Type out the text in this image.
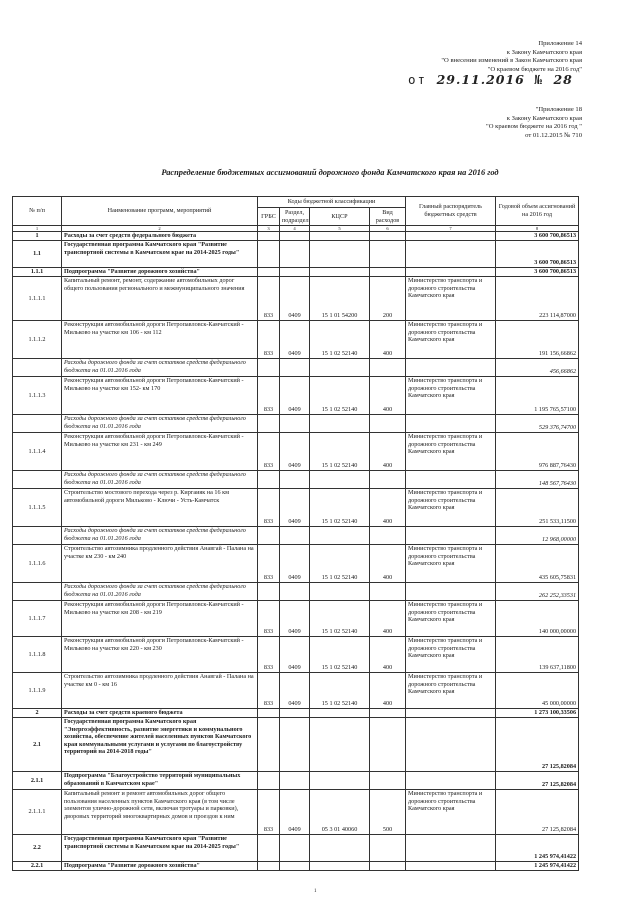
Приложение 14
к Закону Камчатского края
"О внесении изменений в Закон Камчатского края
"О краевом бюджете на 2016 год"
от 29.11.2016 № 28
"Приложение 18
к Закону Камчатского края
"О краевом бюджете на 2016 год "
от 01.12.2015 № 710
Распределение бюджетных ассигнований дорожного фонда Камчатского края на 2016 год
№ п/п	Наименование программ, мероприятий	Коды бюджетной классификации				Главный распорядитель бюджетных средств	Годовой объем ассигнований на 2016 год
		ГРБС	Раздел, подраздел	КЦСР	Вид расходов		
1	2	3	4	5	6	7	8
1	Расходы за счет средств федерального бюджета						3 600 700,86513
1.1	Государственная программа Камчатского края "Развитие транспортной системы в Камчатском крае на 2014-2025 годы"						3 600 700,86513
1.1.1	Подпрограмма "Развитие дорожного хозяйства"						3 600 700,86513
1.1.1.1	Капитальный ремонт, ремонт, содержание автомобильных дорог общего пользования регионального и межмуниципального значения	833	0409	15 1 01 54200	200	Министерство транспорта и дорожного строительства Камчатского края	223 114,87000
1.1.1.2	Реконструкция автомобильной дороги Петропавловск-Камчатский - Мильково на участке км 106 - км 112	833	0409	15 1 02 52140	400	Министерство транспорта и дорожного строительства Камчатского края	191 156,66862
	Расходы дорожного фонда за счет остатков средств федерального бюджета на 01.01.2016 года						456,66862
1.1.1.3	Реконструкция автомобильной дороги Петропавловск-Камчатский - Мильково на участке км 152- км 170	833	0409	15 1 02 52140	400	Министерство транспорта и дорожного строительства Камчатского края	1 195 765,57100
	Расходы дорожного фонда за счет остатков средств федерального бюджета на 01.01.2016 года						529 376,74700
1.1.1.4	Реконструкция автомобильной дороги Петропавловск-Камчатский - Мильково на участке км 231 - км 249	833	0409	15 1 02 52140	400	Министерство транспорта и дорожного строительства Камчатского края	976 887,76430
	Расходы дорожного фонда за счет остатков средств федерального бюджета на 01.01.2016 года						148 567,76430
1.1.1.5	Строительство мостового перехода через р. Киргаияк на 16 км автомобильной дороги Мильково - Ключи - Усть-Камчатск	833	0409	15 1 02 52140	400	Министерство транспорта и дорожного строительства Камчатского края	251 533,11500
	Расходы дорожного фонда за счет остатков средств федерального бюджета на 01.01.2016 года						12 968,00000
1.1.1.6	Строительство автозимника продленного действия Анавгай - Палана на участке км 230 - км 240	833	0409	15 1 02 52140	400	Министерство транспорта и дорожного строительства Камчатского края	435 605,75831
	Расходы дорожного фонда за счет остатков средств федерального бюджета на 01.01.2016 года						262 252,33531
1.1.1.7	Реконструкция автомобильной дороги Петропавловск-Камчатский - Мильково на участке км 208 - км 219	833	0409	15 1 02 52140	400	Министерство транспорта и дорожного строительства Камчатского края	140 000,00000
1.1.1.8	Реконструкция автомобильной дороги Петропавловск-Камчатский - Мильково на участке км 220 - км 230	833	0409	15 1 02 52140	400	Министерство транспорта и дорожного строительства Камчатского края	139 637,11800
1.1.1.9	Строительство автозимника продленного действия Анавгай - Палана на участке км 0 - км 16	833	0409	15 1 02 52140	400	Министерство транспорта и дорожного строительства Камчатского края	45 000,00000
2	Расходы за счет средств краевого бюджета						1 273 100,33506
2.1	Государственная программа Камчатского края "Энергоэффективность, развитие энергетики и коммунального хозяйства, обеспечение жителей населенных пунктов Камчатского края коммунальными услугами и услугами по благоустройству территорий на 2014-2018 годы"						27 125,82084
2.1.1	Подпрограмма "Благоустройство территорий муниципальных образований в Камчатском крае"						27 125,82084
2.1.1.1	Капитальный ремонт и ремонт автомобильных дорог общего пользования населенных пунктов Камчатского края (в том числе элементов улично-дорожной сети, включая тротуары и парковки), дворовых территорий многоквартирных домов и проездов к ним	833	0409	05 3 01 40060	500	Министерство транспорта и дорожного строительства Камчатского края	27 125,82084
2.2	Государственная программа Камчатского края "Развитие транспортной системы в Камчатском крае на 2014-2025 годы"						1 245 974,41422
2.2.1	Подпрограмма "Развитие дорожного хозяйства"						1 245 974,41422
1
